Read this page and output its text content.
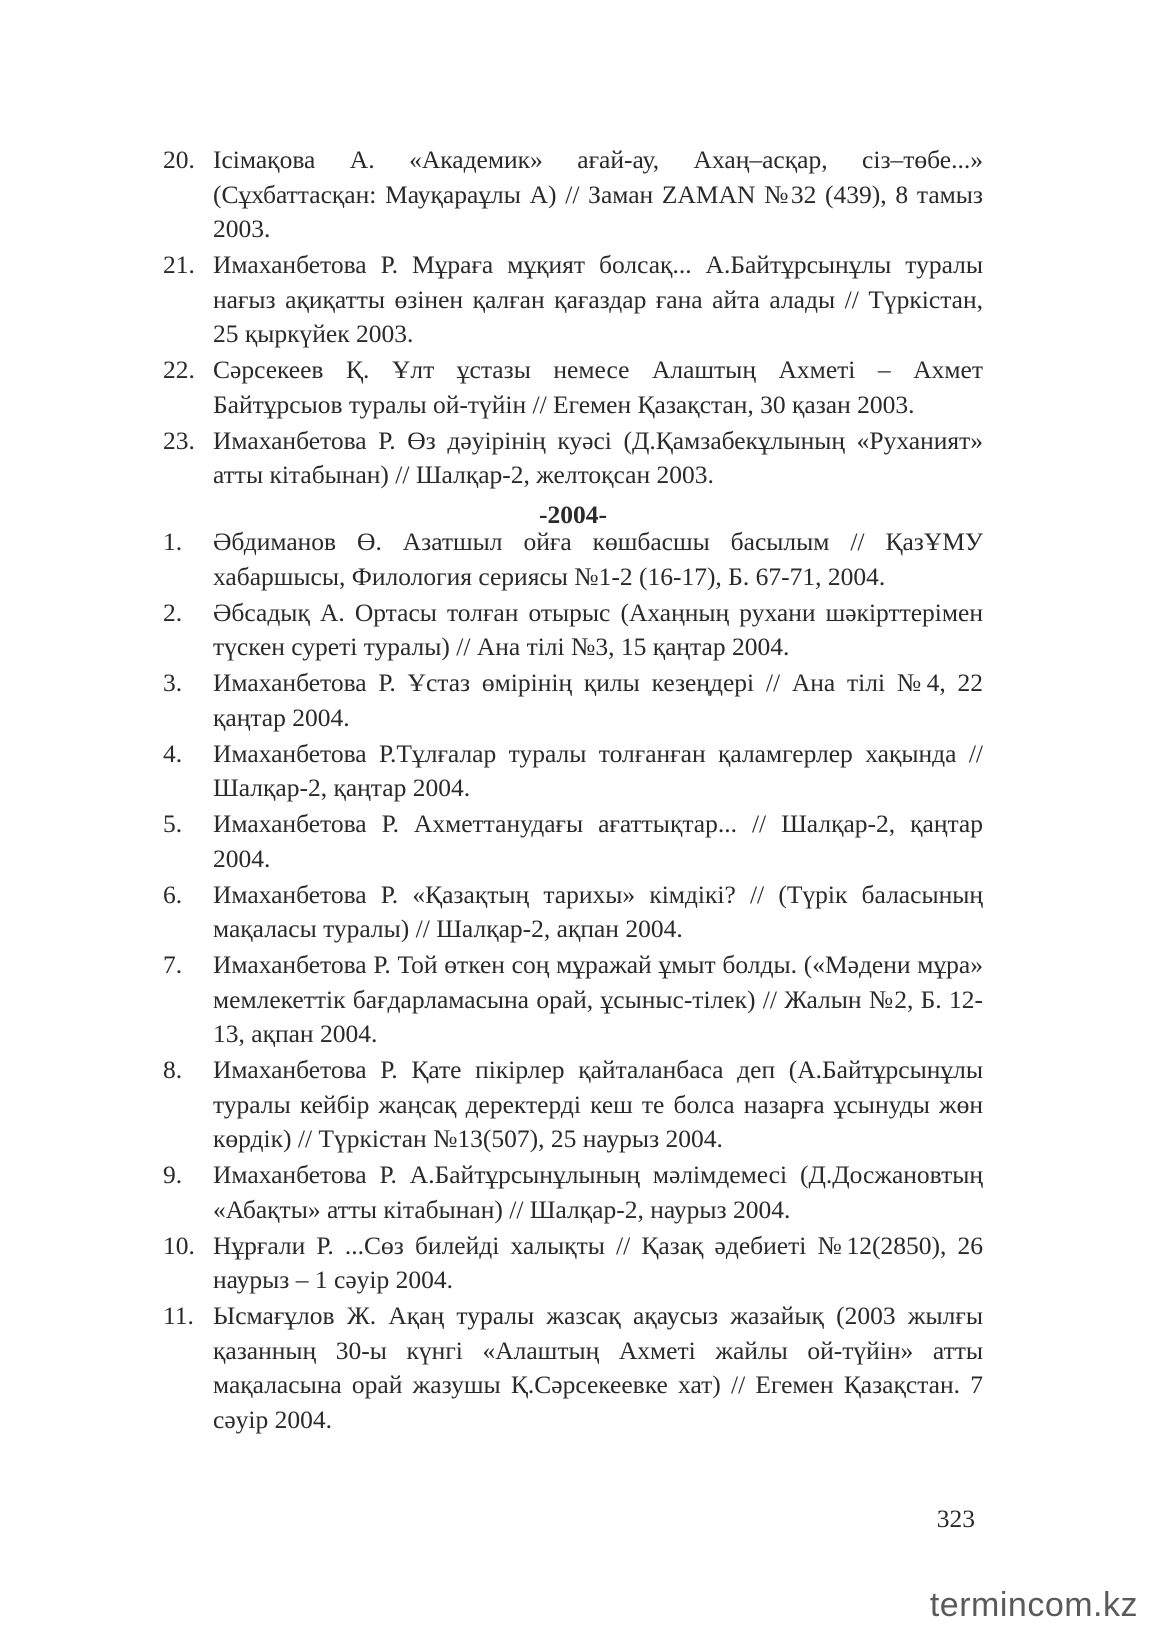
20. Ісімақова А. «Академик» ағай-ау, Ахаң–асқар, сіз–төбе...» (Сұхбаттасқан: Мауқараұлы А) // Заман ZAMAN №32 (439), 8 тамыз 2003.
21. Имаханбетова Р. Мұраға мұқият болсақ... А.Байтұрсынұлы туралы нағыз ақиқатты өзінен қалған қағаздар ғана айта алады // Түркістан, 25 қыркүйек 2003.
22. Сәрсекеев Қ. Ұлт ұстазы немесе Алаштың Ахметі – Ахмет Байтұрсыов туралы ой-түйін // Егемен Қазақстан, 30 қазан 2003.
23. Имаханбетова Р. Өз дәуірінің куәсі (Д.Қамзабекұлының «Руханият» атты кітабынан) // Шалқар-2, желтоқсан 2003.
-2004-
1. Әбдиманов Ө. Азатшыл ойға көшбасшы басылым // ҚазҰМУ хабаршысы, Филология сериясы №1-2 (16-17), Б. 67-71, 2004.
2. Әбсадық А. Ортасы толған отырыс (Ахаңның рухани шәкірттерімен түскен суреті туралы) // Ана тілі №3, 15 қаңтар 2004.
3. Имаханбетова Р. Ұстаз өмірінің қилы кезеңдері // Ана тілі №4, 22 қаңтар 2004.
4. Имаханбетова Р.Тұлғалар туралы толғанған қаламгерлер хақында // Шалқар-2, қаңтар 2004.
5. Имаханбетова Р. Ахметтанудағы ағаттықтар... // Шалқар-2, қаңтар 2004.
6. Имаханбетова Р. «Қазақтың тарихы» кімдікі? // (Түрік баласының мақаласы туралы) // Шалқар-2, ақпан 2004.
7. Имаханбетова Р. Той өткен соң мұражай ұмыт болды. («Мәдени мұра» мемлекеттік бағдарламасына орай, ұсыныс-тілек) // Жалын №2, Б. 12-13, ақпан 2004.
8. Имаханбетова Р. Қате пікірлер қайталанбаса деп (А.Байтұрсынұлы туралы кейбір жаңсақ деректерді кеш те болса назарға ұсынуды жөн көрдік) // Түркістан №13(507), 25 наурыз 2004.
9. Имаханбетова Р. А.Байтұрсынұлының мәлімдемесі (Д.Досжановтың «Абақты» атты кітабынан) // Шалқар-2, наурыз 2004.
10. Нұрғали Р. ...Сөз билейді халықты // Қазақ әдебиеті №12(2850), 26 наурыз – 1 сәуір 2004.
11. Ысмағұлов Ж. Ақаң туралы жазсақ ақаусыз жазайық (2003 жылғы қазанның 30-ы күнгі «Алаштың Ахметі жайлы ой-түйін» атты мақаласына орай жазушы Қ.Сәрсекеевке хат) // Егемен Қазақстан. 7 сәуір 2004.
323
termincom.kz
